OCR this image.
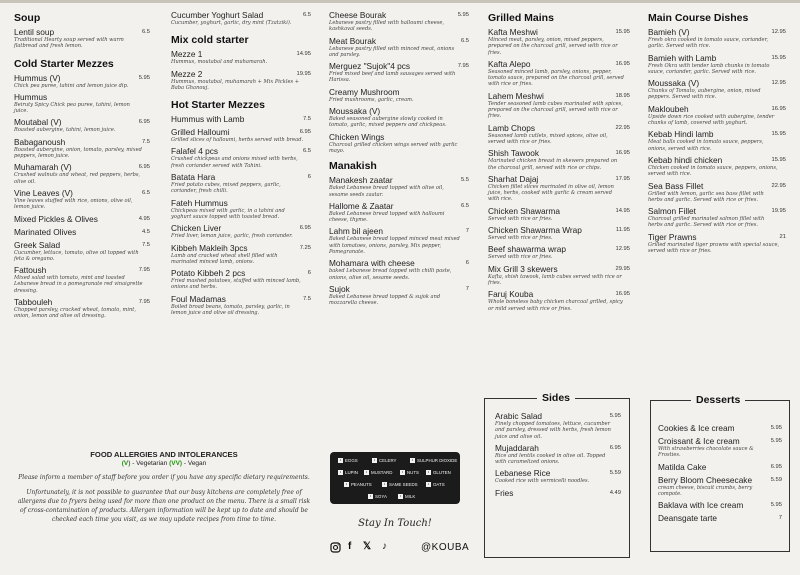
Soup
Lentil soup	6.5
Traditional Hearty soup served with warm flatbread and fresh lemon.
Cold Starter Mezzes
Hummus (V)	5.95
Chick pea puree, tahini and lemon juice dip.
Hummus
Beiruty Spicy Chick pea puree, tahini, lemon juice.
Moutabal (V)	6.95
Roasted aubergine, tahini, lemon juice.
Babaganoush	7.5
Roasted aubergine, onion, tomato, parsley, mixed peppers, lemon juice.
Muhamarah (V)	6.95
Crushed walnuts and wheat, red peppers, herbs, olive oil.
Vine Leaves (V)	6.5
Vine leaves stuffed with rice, onions, olive oil, lemon juice.
Mixed Pickles & Olives	4.95
Marinated Olives	4.5
Greek Salad	7.5
Cucumber, lettuce, tomato, olive oil topped with feta & oregano.
Fattoush	7.95
Mixed salad with tomato, mint and toasted Lebanese bread in a pomegranate red vinaigrette dressing.
Tabbouleh	7.95
Chopped parsley, cracked wheat, tomato, mint, onion, lemon and olive oil dressing.
Cucumber Yoghurt Salad	6.5
Cucumber, yoghurt, garlic, dry mint (Tzatziki).
Mix cold starter
Mezze 1	14.95
Hummus, moutabal and muhamarah.
Mezze 2	19.95
Hummus, moutabal, muhamarah + Mix Pickles + Baba Ghanouj.
Hot Starter Mezzes
Hummus with Lamb	7.5
Grilled Halloumi	6.95
Grilled slices of halloumi, herbs served with bread.
Falafel 4 pcs	6.5
Crushed chickpeas and onions mixed with herbs, fresh coriander served with Tahini.
Batata Hara	6
Fried potato cubes, mixed peppers, garlic, coriander, fresh chilli.
Fateh Hummus
Chickpeas mixed with garlic, in a tahini and yoghurt sauce topped with toasted bread.
Chicken Liver	6.95
Fried liver, lemon juice, garlic, fresh coriander.
Kibbeh Makleih 3pcs	7.25
Lamb and cracked wheat shell filled with marinated minced lamb, onions.
Potato Kibbeh 2 pcs	6
Fried mashed potatoes, stuffed with minced lamb, onions and herbs.
Foul Madamas	7.5
Boiled broad beans, tomato, parsley, garlic, in lemon juice and olive oil dressing.
Cheese Bourak	5.95
Lebanese pastry filled with halloumi cheese, kashkaval seeds.
Meat Bourak	6.5
Lebanese pastry filled with minced meat, onions and parsley.
Merguez "Sujok"4 pcs	7.95
Fried mixed beef and lamb sausages served with Harissa.
Creamy Mushroom
Fried mushrooms, garlic, cream.
Moussaka (V)
Baked seasoned aubergine slowly cooked in tomato, garlic, mixed peppers and chickpeas.
Chicken Wings
Charcoal grilled chicken wings served with garlic mayo.
Manakish
Manakesh zaatar	5.5
Baked Lebanese bread topped with olive oil, sesame seeds zaatar.
Hallome & Zaatar	6.5
Baked Lebanese bread topped with halloumi cheese, thyme.
Lahm bil ajeen	7
Baked Lebanese bread topped minced meat mixed with tomatoes, onions, parsley, Mix pepper, Pomegranate.
Mohamara with cheese	6
baked Lebanese bread topped with chilli paste, onions, olive oil, sesame seeds.
Sujok	7
Baked Lebanese bread topped & sujok and mozzarella cheese.
Grilled Mains
Kafta Meshwi	15.95
Minced meat, parsley, onion, mixed peppers, prepared on the charcoal grill, served with rice or fries.
Kafta Alepo	16.95
Seasoned minced lamb, parsley, onions, pepper, tomato sauce, prepared on the charcoal grill, served with rice or fries.
Lahem Meshwi	18.95
Tender seasoned lamb cubes marinated with spices, prepared on the charcoal grill, served with rice or fries.
Lamb Chops	22.95
Seasoned lamb cutlets, mixed spices, olive oil, served with rice or fries.
Shish Tawook	16.95
Marinated chicken breast in skewers prepared on the charcoal grill, served with rice or chips.
Sharhat Dajaj	17.95
Chicken fillet slices marinated in olive oil, lemon juice, herbs, cooked with garlic & cream served with rice.
Chicken Shawarma	14.95
Served with rice or fries.
Chicken Shawarma Wrap	11.95
Served with rice or fries.
Beef shawarma wrap	12.95
Served with rice or fries.
Mix Grill 3 skewers	29.95
Kafta, shish tawook, lamb cubes served with rice or fries.
Faruj Kouba	16.95
Whole boneless baby chicken charcoal grilled, spicy or mild served with rice or fries.
Main Course Dishes
Bamieh (V)	12.95
Fresh okra cooked in tomato sauce, coriander, garlic. Served with rice.
Bamieh with Lamb	15.95
Fresh Okra with tender lamb chunks in tomato sauce, coriander, garlic. Served with rice.
Moussaka (V)	12.95
Chunks of Tomato, aubergine, onion, mixed peppers. Served with rice.
Makloubeh	16.95
Upside down rice cooked with aubergine, tender chunks of lamb, covered with yoghurt.
Kebab Hindi lamb	15.95
Meat balls cooked in tomato sauce, peppers, onions, served with rice.
Kebab hindi chicken	15.95
Chicken cooked in tomato sauce, peppers, onions, served with rice.
Sea Bass Fillet	22.95
Grilled with lemon, garlic sea bass fillet with herbs and garlic. Served with rice or fries.
Salmon Fillet	19.95
Charcoal grilled marinated salmon fillet with herbs and garlic. Served with rice or fries.
Tiger Prawns	21
Grilled marinated tiger prawns with special sauce, served with rice or fries.
Sides
Arabic Salad	5.95
Finely chopped tomatoes, lettuce, cucumber and parsley, dressed with herbs, fresh lemon juice and olive oil.
Mujaddarah	6.95
Rice and lentils cooked in olive oil. Topped with caramelized onions.
Lebanese Rice	5.59
Cooked rice with vermicelli noodles.
Fries	4.49
Desserts
Cookies & Ice cream	5.95
Croissant & Ice cream	5.95
With strawberries chocolate sauce & Frosties.
Matilda Cake	6.95
Berry Bloom Cheesecake	5.59
cream cheese, biscuit crumbs, berry compote.
Baklava with Ice cream	5.95
Deansgate tarte	7
FOOD ALLERGIES AND INTOLERANCES
(V) - Vegetarian (VV) - Vegan
Please inform a member of staff before you order if you have any specific dietary requirements.
Unfortunately, it is not possible to guarantee that our busy kitchens are completely free of allergens due to fryers being used for more than one product on the menu. There is a small risk of cross-contamination of products. Allergen information will be kept up to date and should be checked each time you visit, as we may update recipes from time to time.
• EGGS	• CELERY	• SULPHUR DIOXIDE
• LUPIN	• MUSTARD	• NUTS	• GLUTEN
• PEANUTS	• SAME SEEDS	• OATS
• SOYA	• MILK
Stay In Touch!
f 𝕏 ♪	@KOUBA
